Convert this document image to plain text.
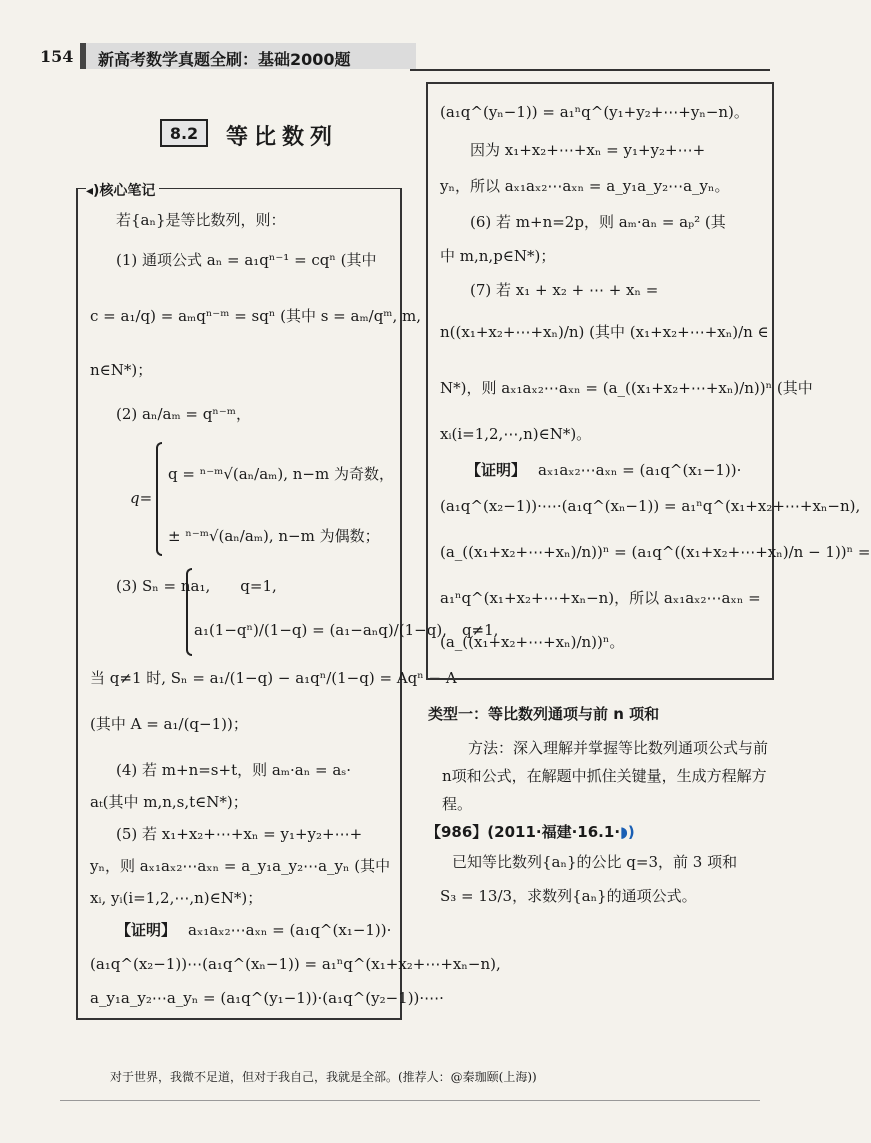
154 新高考数学真题全刷：基础2000题
8.2	等比数列
◂)核心笔记
若{aₙ}是等比数列，则：
(1) 通项公式 aₙ = a₁qⁿ⁻¹ = cqⁿ (其中
c = a₁/q) = aₘqⁿ⁻ᵐ = sqⁿ (其中 s = aₘ/qᵐ, m,
n∈N*)；
(2) aₙ/aₘ = qⁿ⁻ᵐ，
q=
q = ⁿ⁻ᵐ√(aₙ/aₘ), n−m 为奇数，
± ⁿ⁻ᵐ√(aₙ/aₘ), n−m 为偶数；
(3) Sₙ = na₁,　　q=1,
a₁(1−qⁿ)/(1−q) = (a₁−aₙq)/(1−q),　q≠1,
当 q≠1 时, Sₙ = a₁/(1−q) − a₁qⁿ/(1−q) = Aqⁿ − A
(其中 A = a₁/(q−1))；
(4) 若 m+n=s+t，则 aₘ·aₙ = aₛ·
aₜ(其中 m,n,s,t∈N*)；
(5) 若 x₁+x₂+⋯+xₙ = y₁+y₂+⋯+
yₙ，则 aₓ₁aₓ₂⋯aₓₙ = a_y₁a_y₂⋯a_yₙ (其中
xᵢ, yᵢ(i=1,2,⋯,n)∈N*)；
【证明】 aₓ₁aₓ₂⋯aₓₙ = (a₁q^(x₁−1))·
(a₁q^(x₂−1))⋯(a₁q^(xₙ−1)) = a₁ⁿq^(x₁+x₂+⋯+xₙ−n),
a_y₁a_y₂⋯a_yₙ = (a₁q^(y₁−1))·(a₁q^(y₂−1))·⋯·
(a₁q^(yₙ−1)) = a₁ⁿq^(y₁+y₂+⋯+yₙ−n)。
因为 x₁+x₂+⋯+xₙ = y₁+y₂+⋯+
yₙ，所以 aₓ₁aₓ₂⋯aₓₙ = a_y₁a_y₂⋯a_yₙ。
(6) 若 m+n=2p，则 aₘ·aₙ = aₚ² (其
中 m,n,p∈N*)；
(7) 若 x₁ + x₂ + ⋯ + xₙ =
n((x₁+x₂+⋯+xₙ)/n) (其中 (x₁+x₂+⋯+xₙ)/n ∈
N*)，则 aₓ₁aₓ₂⋯aₓₙ = (a_((x₁+x₂+⋯+xₙ)/n))ⁿ (其中
xᵢ(i=1,2,⋯,n)∈N*)。
【证明】 aₓ₁aₓ₂⋯aₓₙ = (a₁q^(x₁−1))·
(a₁q^(x₂−1))·⋯·(a₁q^(xₙ−1)) = a₁ⁿq^(x₁+x₂+⋯+xₙ−n),
(a_((x₁+x₂+⋯+xₙ)/n))ⁿ = (a₁q^((x₁+x₂+⋯+xₙ)/n − 1))ⁿ =
a₁ⁿq^(x₁+x₂+⋯+xₙ−n)，所以 aₓ₁aₓ₂⋯aₓₙ =
(a_((x₁+x₂+⋯+xₙ)/n))ⁿ。
类型一：等比数列通项与前 n 项和
方法：深入理解并掌握等比数列通项公式与前n项和公式，在解题中抓住关键量，生成方程解方程。
【986】(2011·福建·16.1·◗)
已知等比数列{aₙ}的公比 q=3，前 3 项和
S₃ = 13/3，求数列{aₙ}的通项公式。
对于世界，我微不足道，但对于我自己，我就是全部。(推荐人：@秦珈颐(上海))
